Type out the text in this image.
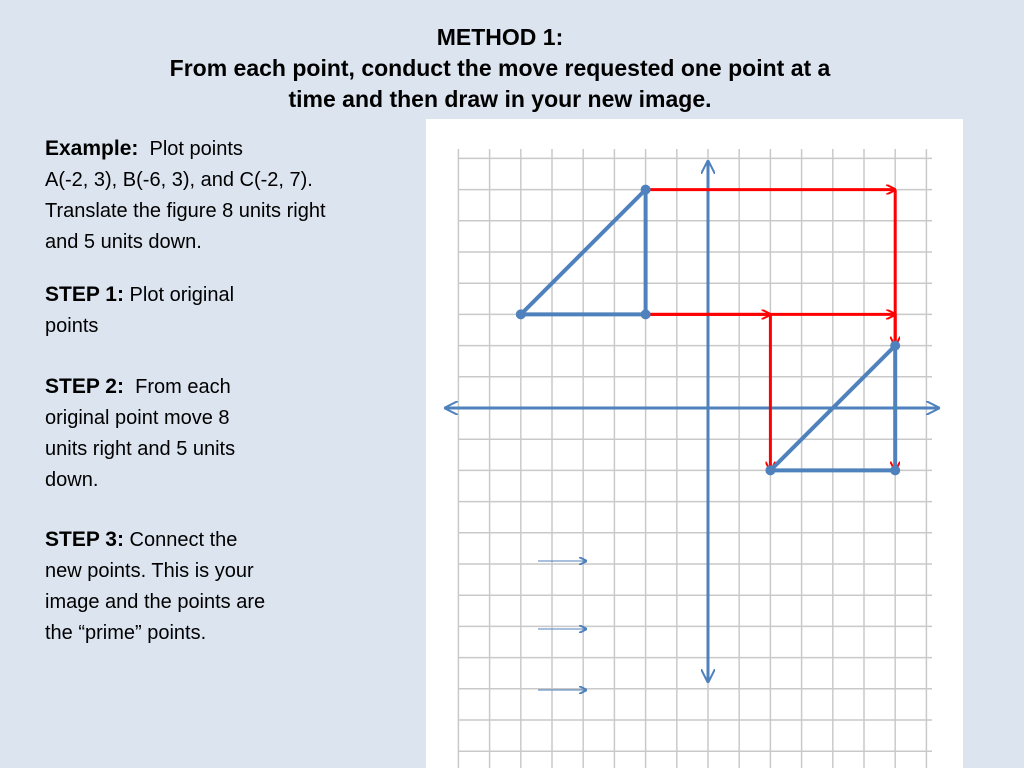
METHOD 1:
From each point, conduct the move requested one point at a
time and then draw in your new image.
Example: Plot points
A(-2, 3), B(-6, 3), and C(-2, 7).
Translate the figure 8 units right
and 5 units down.
STEP 1: Plot original
points
STEP 2: From each
original point move 8
units right and 5 units
down.
STEP 3: Connect the
new points. This is your
image and the points are
the “prime” points.
